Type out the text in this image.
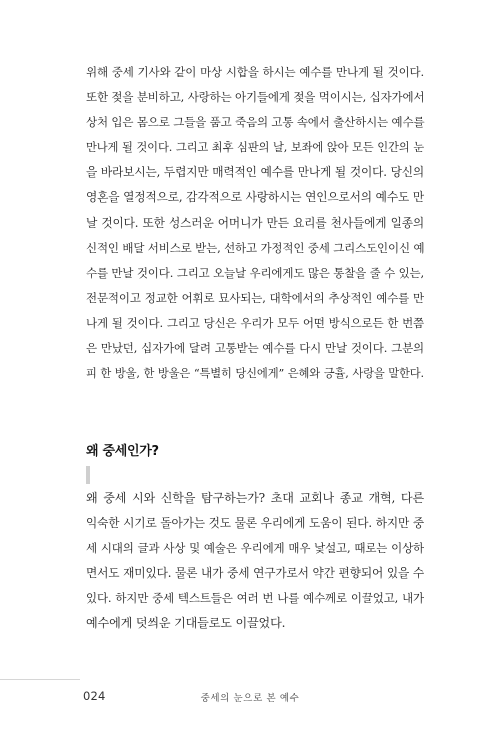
위해 중세 기사와 같이 마상 시합을 하시는 예수를 만나게 될 것이다.
또한 젖을 분비하고, 사랑하는 아기들에게 젖을 먹이시는, 십자가에서
상처 입은 몸으로 그들을 품고 죽음의 고통 속에서 출산하시는 예수를
만나게 될 것이다. 그리고 최후 심판의 날, 보좌에 앉아 모든 인간의 눈
을 바라보시는, 두렵지만 매력적인 예수를 만나게 될 것이다. 당신의
영혼을 열정적으로, 감각적으로 사랑하시는 연인으로서의 예수도 만
날 것이다. 또한 성스러운 어머니가 만든 요리를 천사들에게 일종의
신적인 배달 서비스로 받는, 선하고 가정적인 중세 그리스도인이신 예
수를 만날 것이다. 그리고 오늘날 우리에게도 많은 통찰을 줄 수 있는,
전문적이고 정교한 어휘로 묘사되는, 대학에서의 추상적인 예수를 만
나게 될 것이다. 그리고 당신은 우리가 모두 어떤 방식으로든 한 번쯤
은 만났던, 십자가에 달려 고통받는 예수를 다시 만날 것이다. 그분의
피 한 방울, 한 방울은 “특별히 당신에게” 은혜와 긍휼, 사랑을 말한다.
왜 중세인가?
왜 중세 시와 신학을 탐구하는가? 초대 교회나 종교 개혁, 다른
익숙한 시기로 돌아가는 것도 물론 우리에게 도움이 된다. 하지만 중
세 시대의 글과 사상 및 예술은 우리에게 매우 낯설고, 때로는 이상하
면서도 재미있다. 물론 내가 중세 연구가로서 약간 편향되어 있을 수
있다. 하지만 중세 텍스트들은 여러 번 나를 예수께로 이끌었고, 내가
예수에게 덧씌운 기대들로도 이끌었다.
024	중세의 눈으로 본 예수
